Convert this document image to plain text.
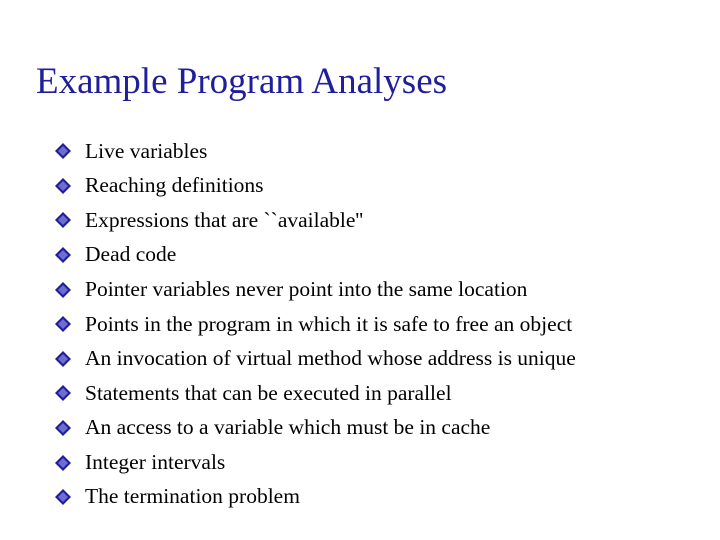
Example Program Analyses
Live variables
Reaching definitions
Expressions that are ``available''
Dead code
Pointer variables never point into the same location
Points in the program in which it is safe to free an object
An invocation of virtual method whose address is unique
Statements that can be executed in parallel
An access to a variable which must be in cache
Integer intervals
The termination problem
